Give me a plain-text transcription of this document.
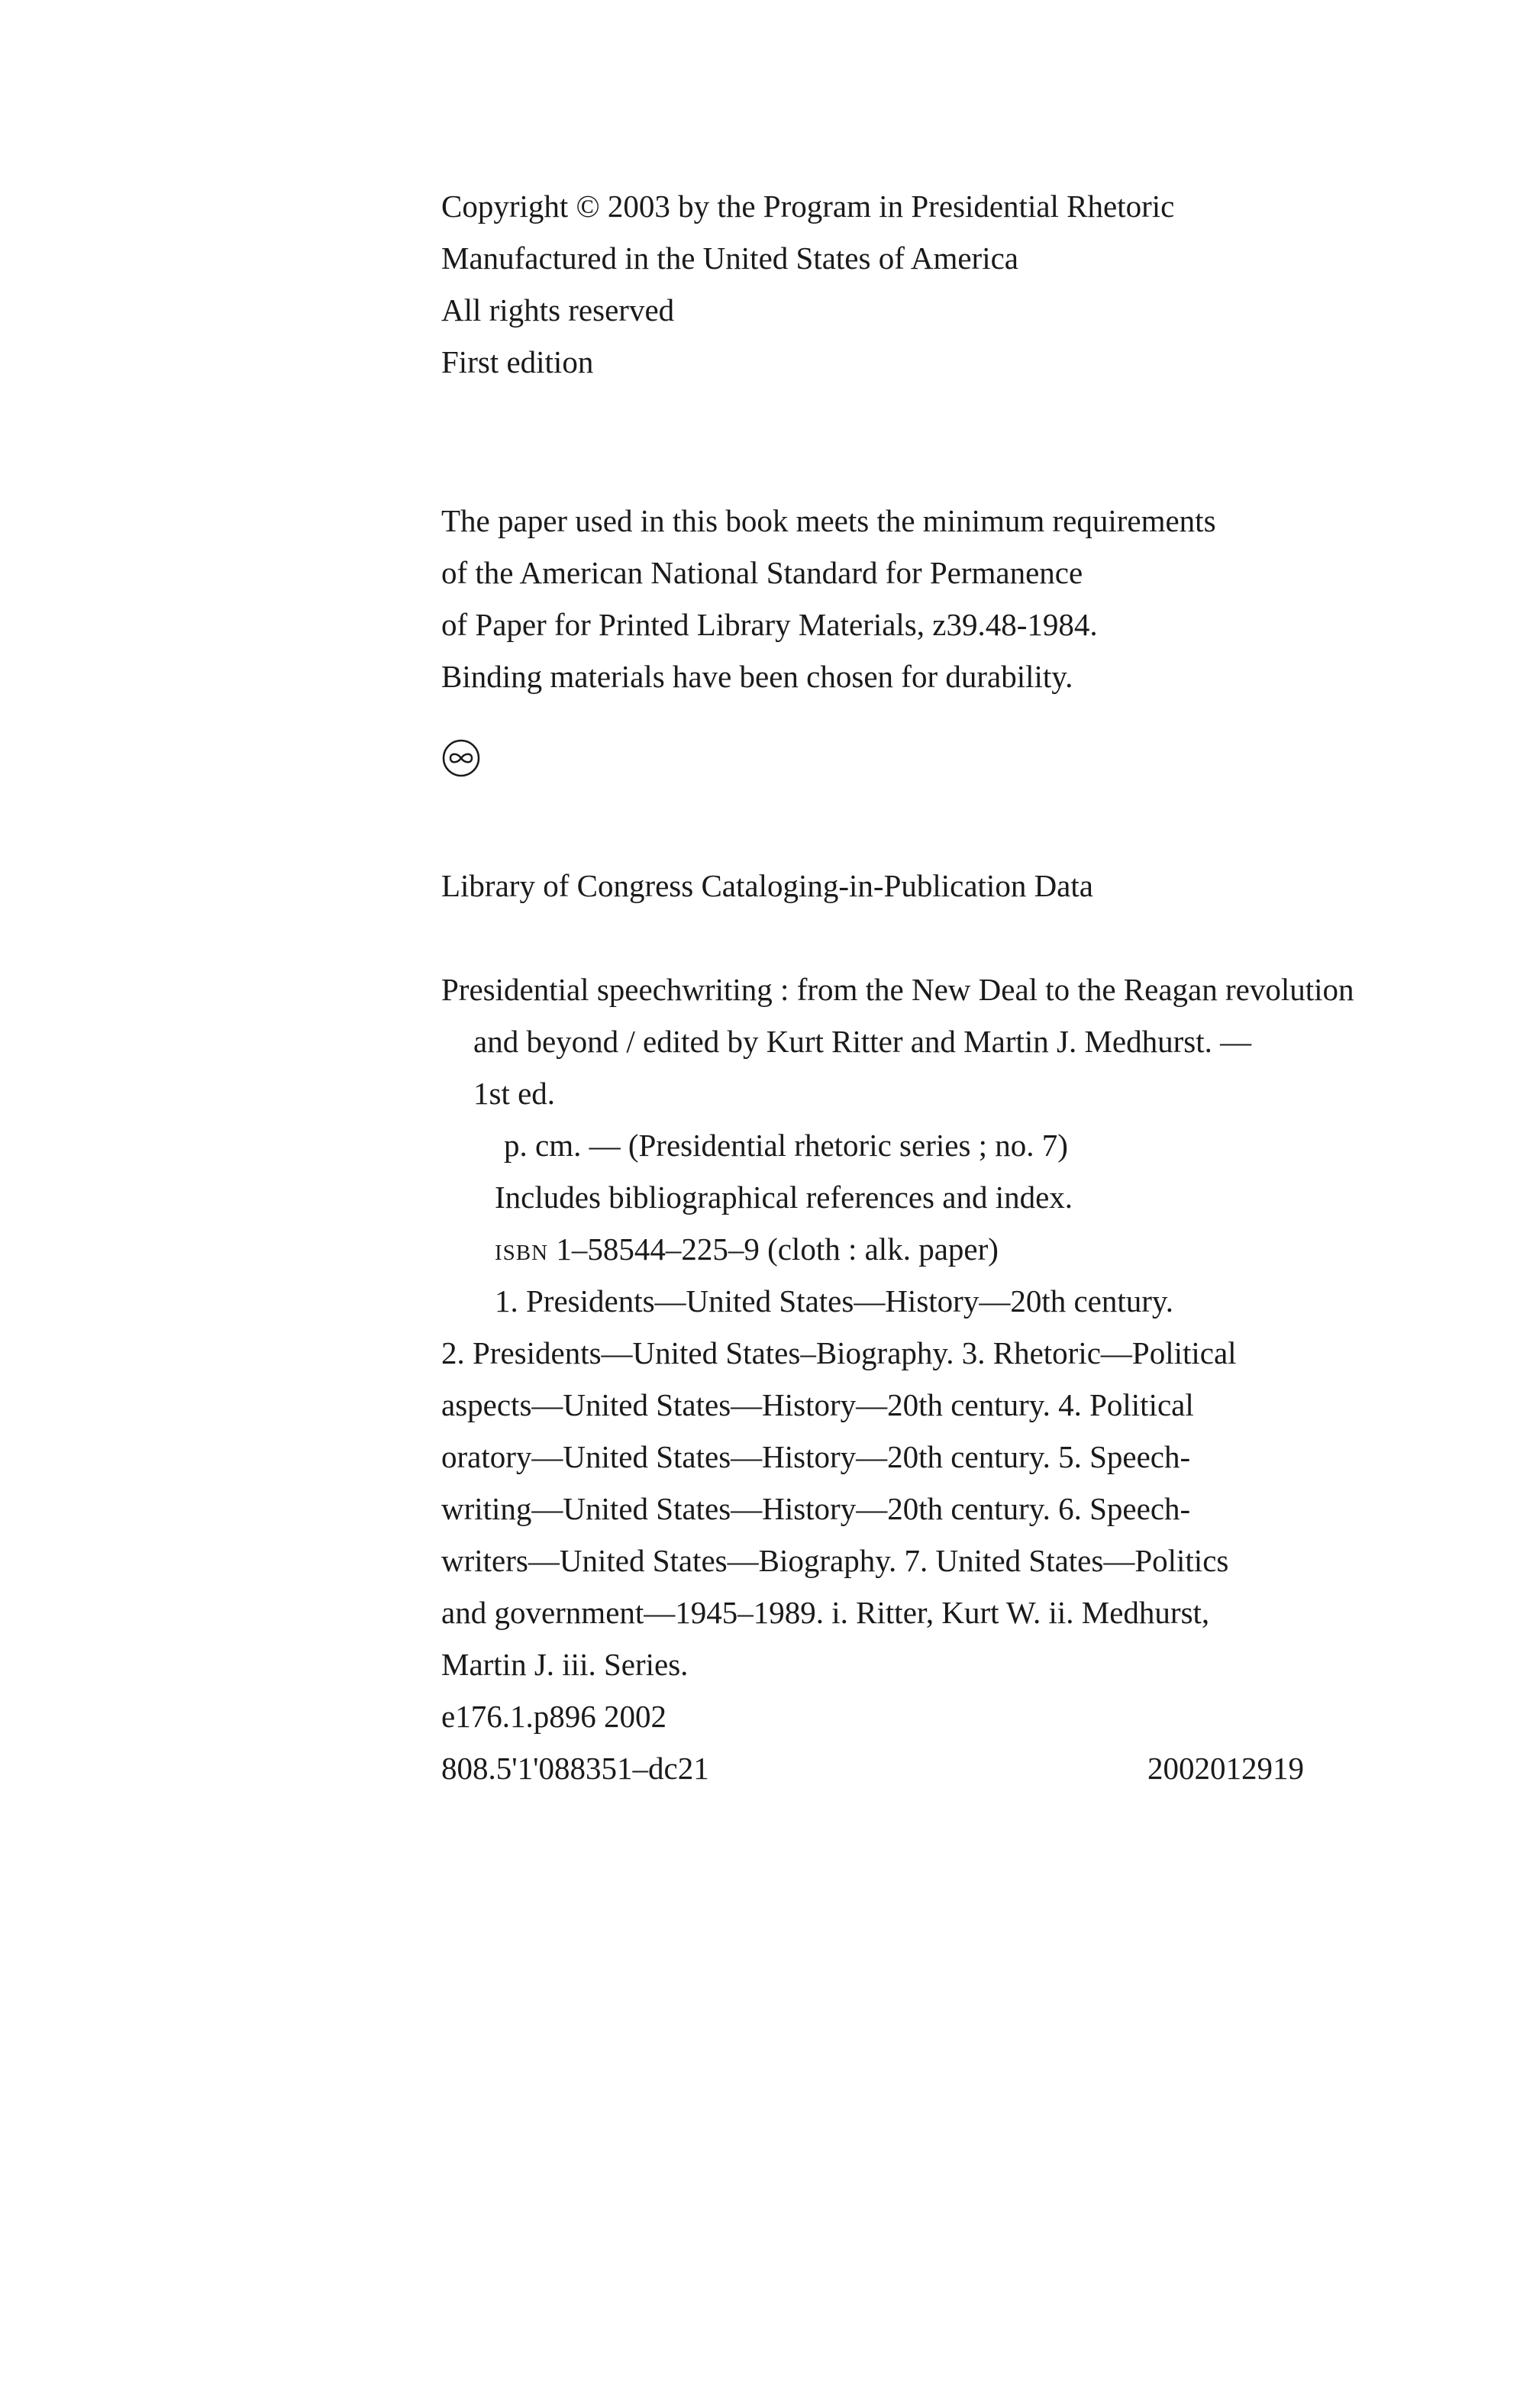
Copyright © 2003 by the Program in Presidential Rhetoric
Manufactured in the United States of America
All rights reserved
First edition
The paper used in this book meets the minimum requirements
of the American National Standard for Permanence
of Paper for Printed Library Materials, z39.48-1984.
Binding materials have been chosen for durability.
Library of Congress Cataloging-in-Publication Data
Presidential speechwriting : from the New Deal to the Reagan revolution
and beyond / edited by Kurt Ritter and Martin J. Medhurst. —
1st ed.
p. cm. — (Presidential rhetoric series ; no. 7)
Includes bibliographical references and index.
isbn 1–58544–225–9 (cloth : alk. paper)
1. Presidents—United States—History—20th century.
2. Presidents—United States–Biography. 3. Rhetoric—Political
aspects—United States—History—20th century. 4. Political
oratory—United States—History—20th century. 5. Speech-
writing—United States—History—20th century. 6. Speech-
writers—United States—Biography. 7. United States—Politics
and government—1945–1989. i. Ritter, Kurt W. ii. Medhurst,
Martin J. iii. Series.
e176.1.p896 2002
808.5'1'088351–dc21	2002012919
